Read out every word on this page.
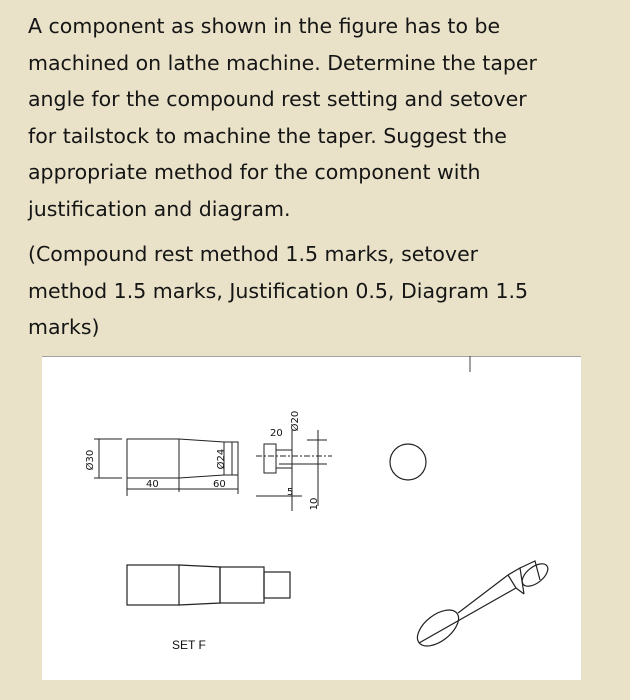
A component as shown in the figure has to be
machined on lathe machine. Determine the taper
angle for the compound rest setting and setover
for tailstock to machine the taper. Suggest the
appropriate method for the component with
justification and diagram.
(Compound rest method 1.5 marks, setover
method 1.5 marks, Justification 0.5, Diagram 1.5
marks)
Ø30	Ø24
Ø20
40	60
20
5
10
SET F
